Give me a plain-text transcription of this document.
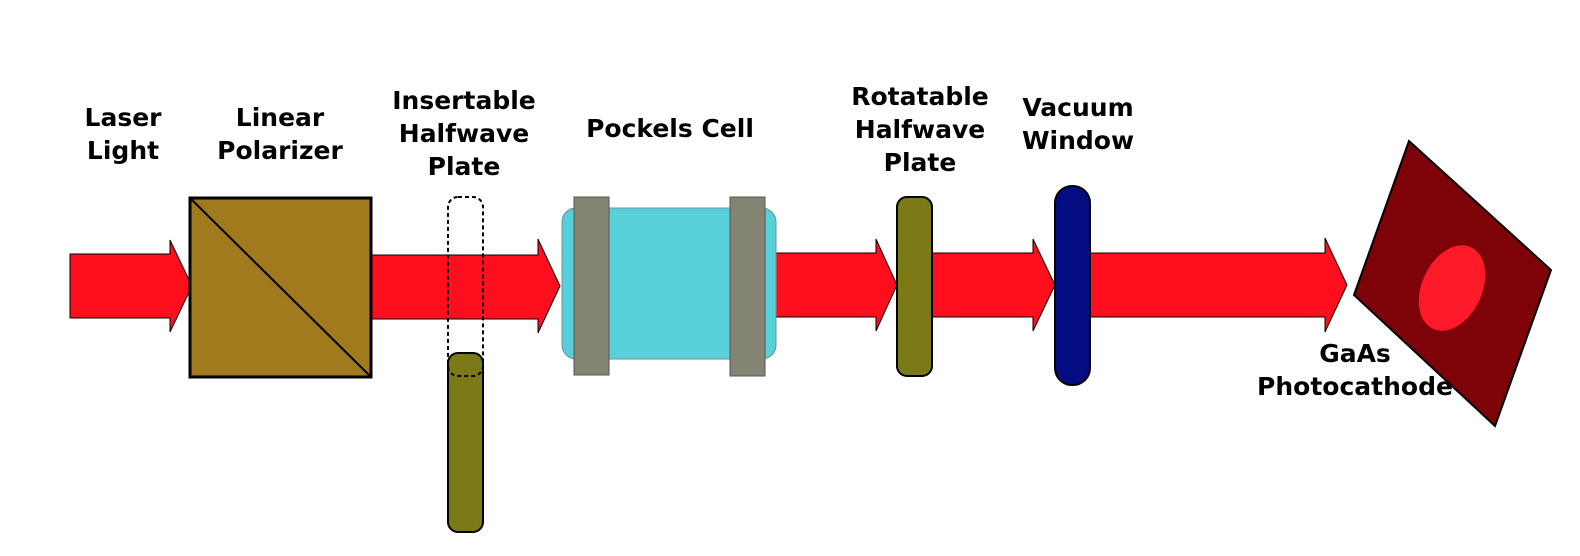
Laser
Light
Linear
Polarizer
Insertable
Halfwave
Plate
Pockels Cell
Rotatable
Halfwave
Plate
Vacuum
Window
GaAs
Photocathode
